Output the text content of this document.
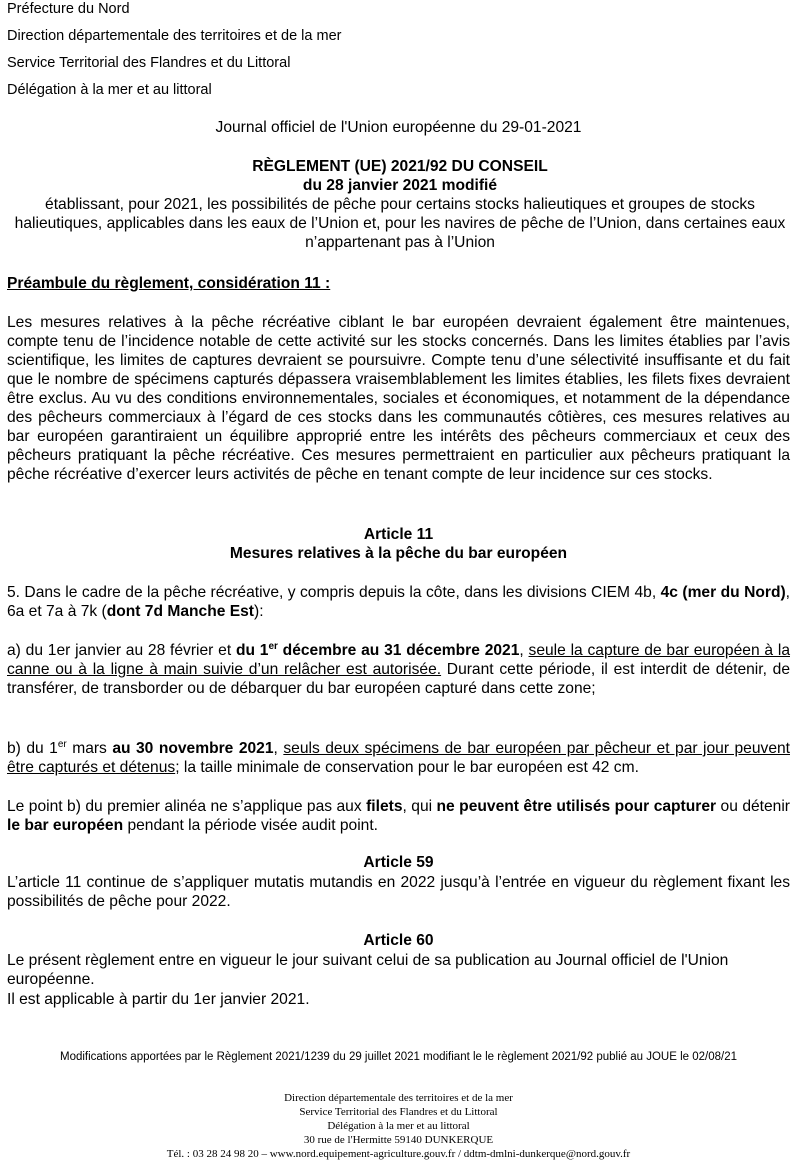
Préfecture du Nord
Direction départementale des territoires et de la mer
Service Territorial des Flandres et du Littoral
Délégation à la mer et au littoral
Journal officiel de l'Union européenne du 29-01-2021
RÈGLEMENT (UE) 2021/92 DU CONSEIL
du 28 janvier 2021 modifié
établissant, pour 2021, les possibilités de pêche pour certains stocks halieutiques et groupes de stocks halieutiques, applicables dans les eaux de l’Union et, pour les navires de pêche de l’Union, dans certaines eaux n’appartenant pas à l’Union
Préambule du règlement, considération 11 :
Les mesures relatives à la pêche récréative ciblant le bar européen devraient également être maintenues, compte tenu de l’incidence notable de cette activité sur les stocks concernés. Dans les limites établies par l’avis scientifique, les limites de captures devraient se poursuivre. Compte tenu d’une sélectivité insuffisante et du fait que le nombre de spécimens capturés dépassera vraisemblablement les limites établies, les filets fixes devraient être exclus. Au vu des conditions environnementales, sociales et économiques, et notamment de la dépendance des pêcheurs commerciaux à l’égard de ces stocks dans les communautés côtières, ces mesures relatives au bar européen garantiraient un équilibre approprié entre les intérêts des pêcheurs commerciaux et ceux des pêcheurs pratiquant la pêche récréative. Ces mesures permettraient en particulier aux pêcheurs pratiquant la pêche récréative d’exercer leurs activités de pêche en tenant compte de leur incidence sur ces stocks.
Article 11
Mesures relatives à la pêche du bar européen
5. Dans le cadre de la pêche récréative, y compris depuis la côte, dans les divisions CIEM 4b, 4c (mer du Nord), 6a et 7a à 7k (dont 7d Manche Est):
a) du 1er janvier au 28 février et du 1er décembre au 31 décembre 2021, seule la capture de bar européen à la canne ou à la ligne à main suivie d’un relâcher est autorisée. Durant cette période, il est interdit de détenir, de transférer, de transborder ou de débarquer du bar européen capturé dans cette zone;
b) du 1er mars au 30 novembre 2021, seuls deux spécimens de bar européen par pêcheur et par jour peuvent être capturés et détenus; la taille minimale de conservation pour le bar européen est 42 cm.
Le point b) du premier alinéa ne s’applique pas aux filets, qui ne peuvent être utilisés pour capturer ou détenir le bar européen pendant la période visée audit point.
Article 59
L’article 11 continue de s’appliquer mutatis mutandis en 2022 jusqu’à l’entrée en vigueur du règlement fixant les possibilités de pêche pour 2022.
Article 60
Le présent règlement entre en vigueur le jour suivant celui de sa publication au Journal officiel de l'Union européenne.
Il est applicable à partir du 1er janvier 2021.
Modifications apportées par le Règlement 2021/1239 du 29 juillet 2021 modifiant le le règlement 2021/92 publié au JOUE le 02/08/21
Direction départementale des territoires et de la mer
Service Territorial des Flandres et du Littoral
Délégation à la mer et au littoral
30 rue de l'Hermitte 59140 DUNKERQUE
Tél. : 03 28 24 98 20 – www.nord.equipement-agriculture.gouv.fr / ddtm-dmlni-dunkerque@nord.gouv.fr
